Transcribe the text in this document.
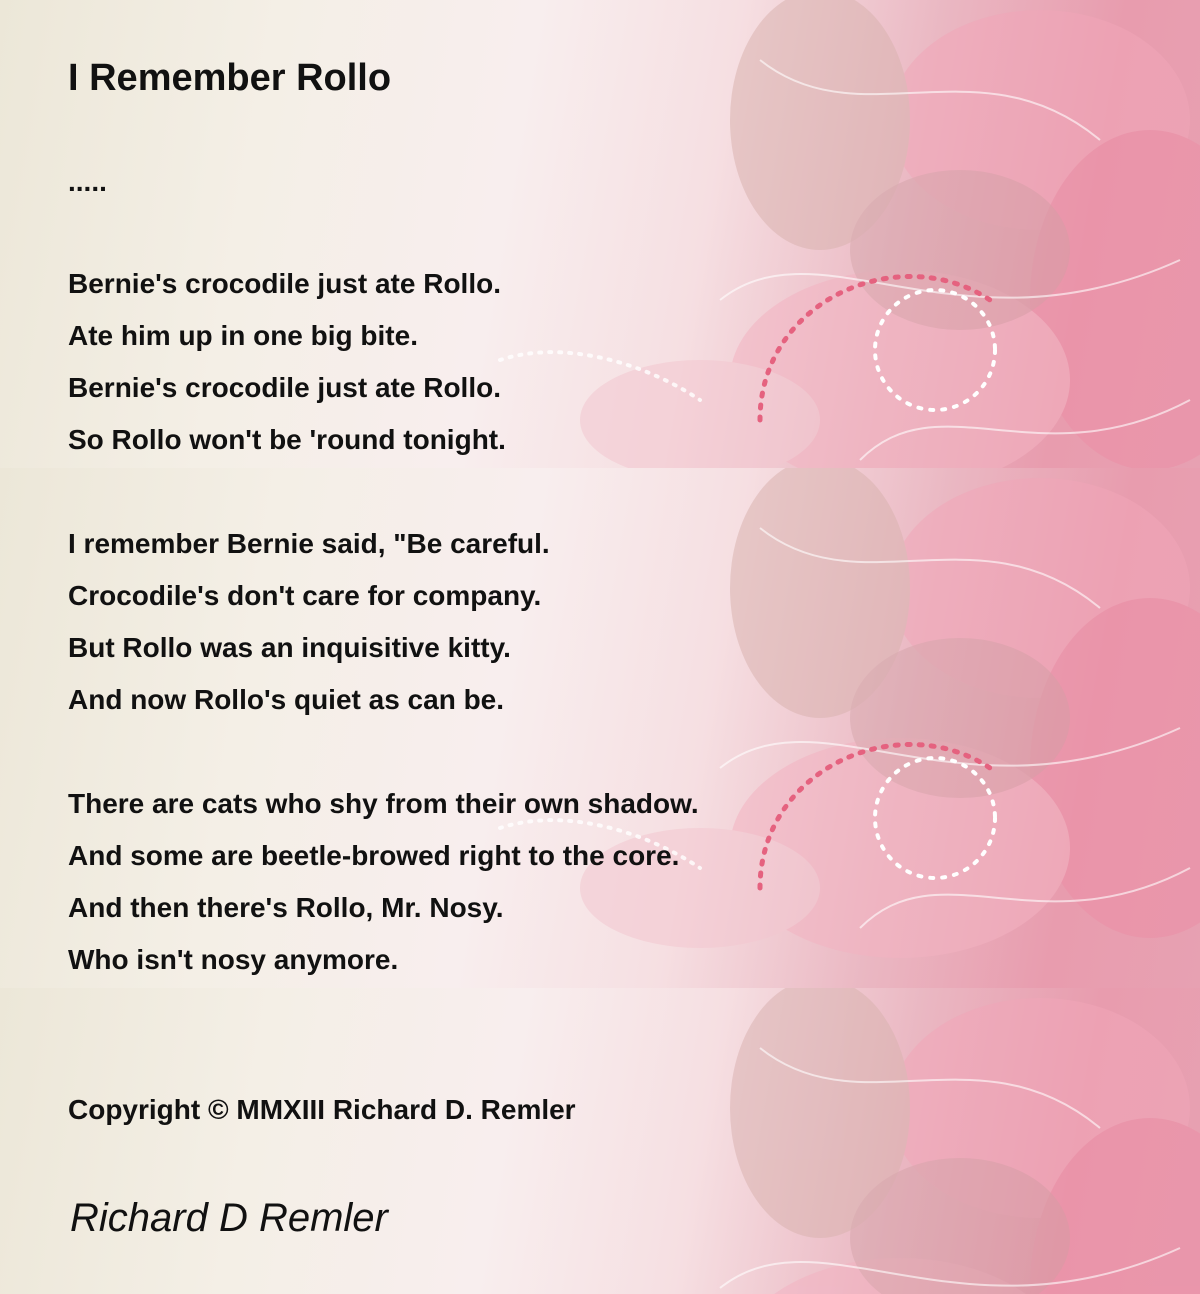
I Remember Rollo

.....

Bernie's crocodile just ate Rollo.
Ate him up in one big bite.
Bernie's crocodile just ate Rollo.
So Rollo won't be 'round tonight.
I remember Bernie said, "Be careful.
Crocodile's don't care for company.
But Rollo was an inquisitive kitty.
And now Rollo's quiet as can be.
There are cats who shy from their own shadow.
And some are beetle-browed right to the core.
And then there's Rollo, Mr. Nosy.
Who isn't nosy anymore.

Copyright © MMXIII Richard D. Remler

Richard D Remler
